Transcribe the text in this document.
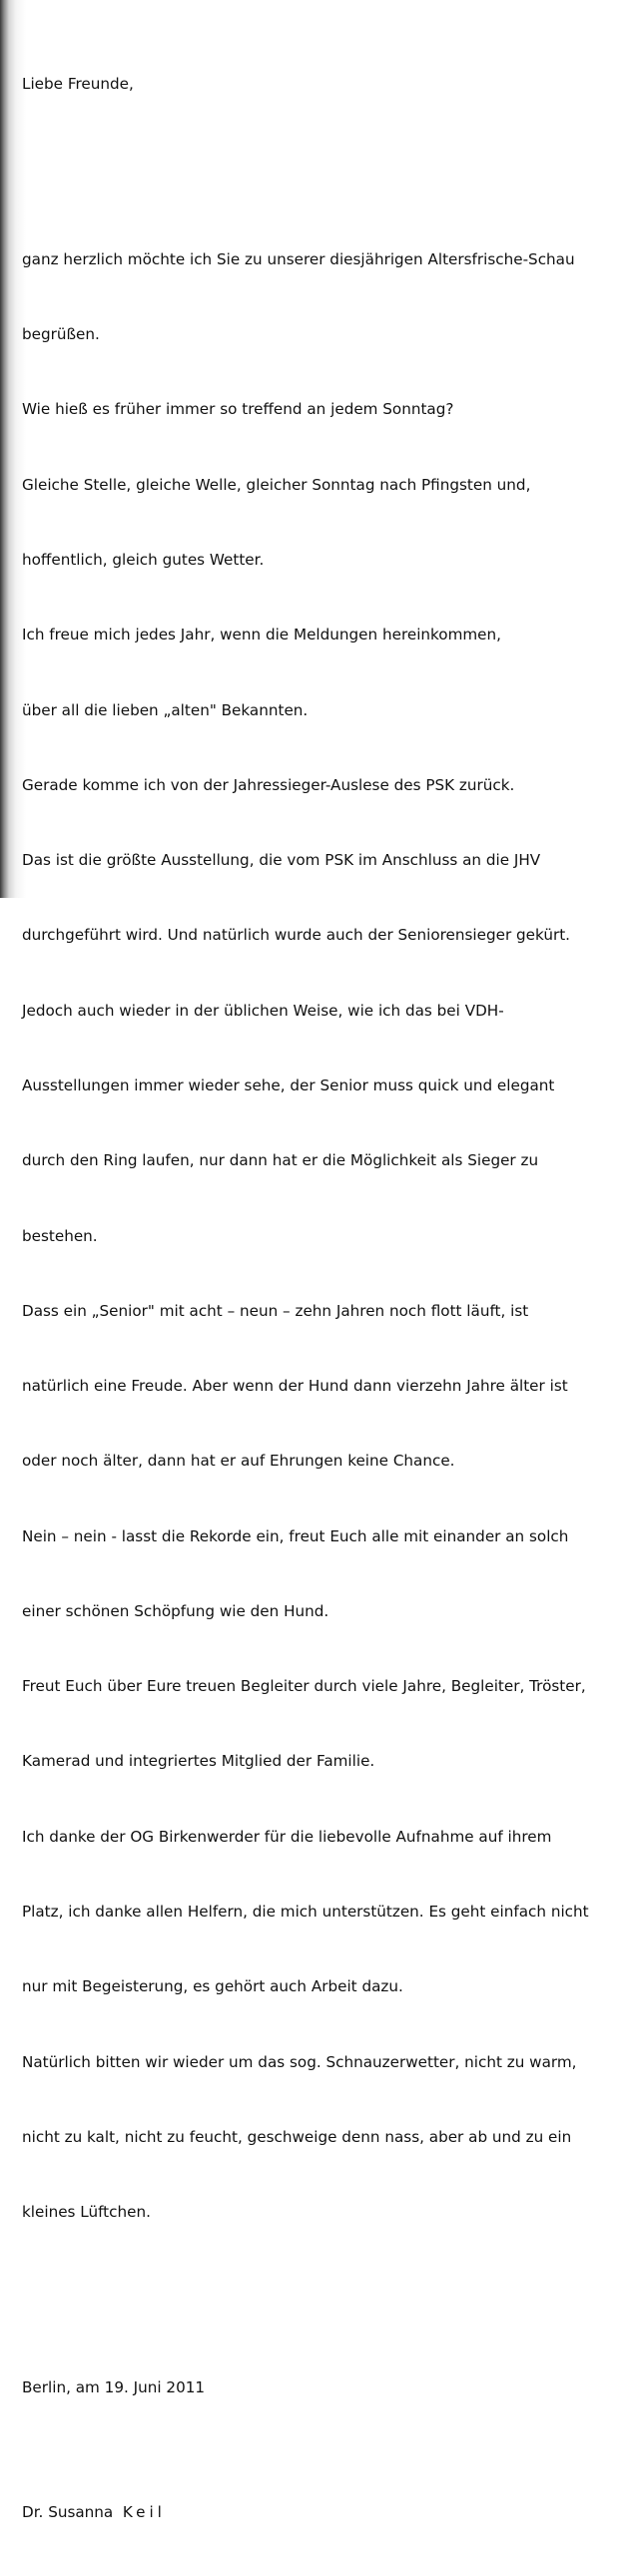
Liebe Freunde,

ganz herzlich möchte ich Sie zu unserer diesjährigen Altersfrische-Schau

begrüßen.

Wie hieß es früher immer so treffend an jedem Sonntag?

Gleiche Stelle, gleiche Welle, gleicher Sonntag nach Pfingsten und,

hoffentlich, gleich gutes Wetter.

Ich freue mich jedes Jahr, wenn die Meldungen hereinkommen,

über all die lieben „alten" Bekannten.

Gerade komme ich von der Jahressieger-Auslese des PSK zurück.

Das ist die größte Ausstellung, die vom PSK im Anschluss an die JHV

durchgeführt wird. Und natürlich wurde auch der Seniorensieger gekürt.

Jedoch auch wieder in der üblichen Weise, wie ich das bei VDH-

Ausstellungen immer wieder sehe, der Senior muss quick und elegant

durch den Ring laufen, nur dann hat er die Möglichkeit als Sieger zu

bestehen.

Dass ein „Senior" mit acht – neun – zehn Jahren noch flott läuft, ist

natürlich eine Freude. Aber wenn der Hund dann vierzehn Jahre älter ist

oder noch älter, dann hat er auf Ehrungen keine Chance.

Nein – nein - lasst die Rekorde ein, freut Euch alle mit einander an solch

einer schönen Schöpfung wie den Hund.

Freut Euch über Eure treuen Begleiter durch viele Jahre, Begleiter, Tröster,

Kamerad und integriertes Mitglied der Familie.

Ich danke der OG Birkenwerder für die liebevolle Aufnahme auf ihrem

Platz, ich danke allen Helfern, die mich unterstützen. Es geht einfach nicht

nur mit Begeisterung, es gehört auch Arbeit dazu.

Natürlich bitten wir wieder um das sog. Schnauzerwetter, nicht zu warm,

nicht zu kalt, nicht zu feucht, geschweige denn nass, aber ab und zu ein

kleines Lüftchen.

Berlin, am 19. Juni 2011

Dr. Susanna Keil
